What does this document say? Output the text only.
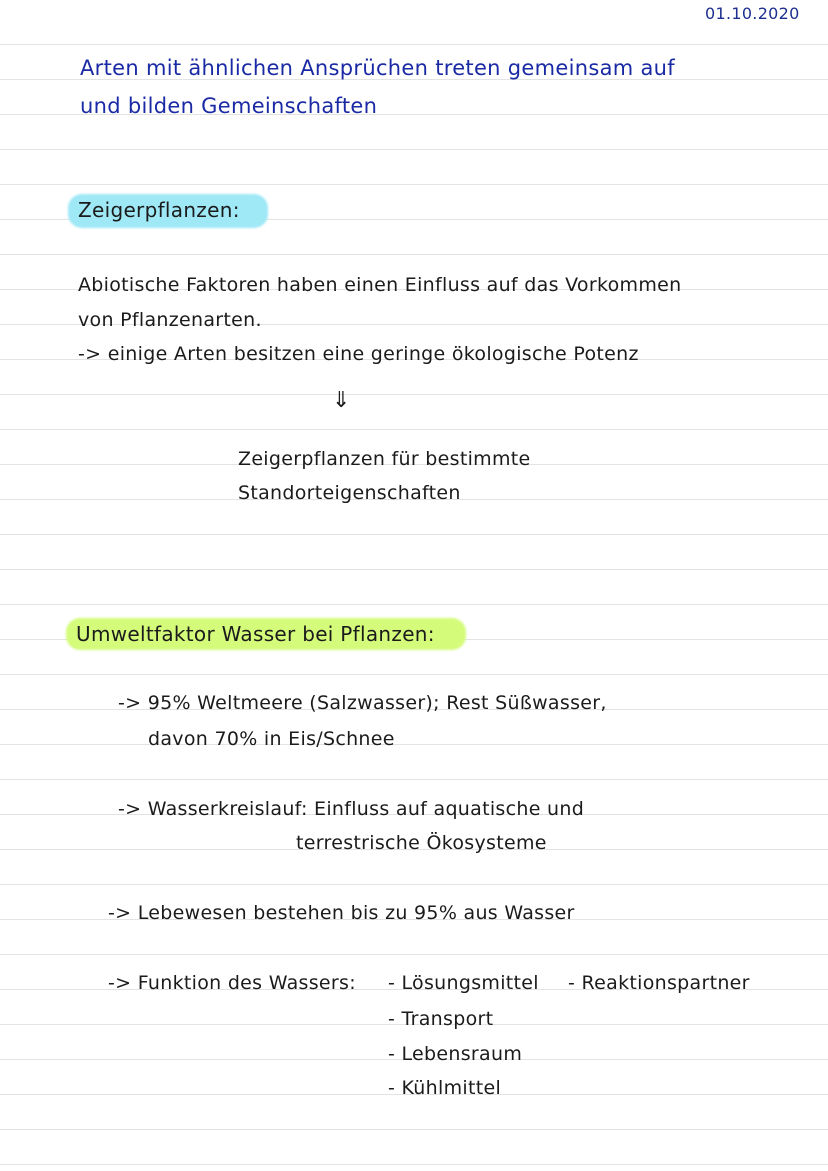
01.10.2020
Arten mit ähnlichen Ansprüchen treten gemeinsam auf
und bilden Gemeinschaften
Zeigerpflanzen:
Abiotische Faktoren haben einen Einfluss auf das Vorkommen
von Pflanzenarten.
-> einige Arten besitzen eine geringe ökologische Potenz
⇓
Zeigerpflanzen für bestimmte
Standorteigenschaften
Umweltfaktor Wasser bei Pflanzen:
-> 95% Weltmeere (Salzwasser); Rest Süßwasser,
davon 70% in Eis/Schnee
-> Wasserkreislauf: Einfluss auf aquatische und
terrestrische Ökosysteme
-> Lebewesen bestehen bis zu 95% aus Wasser
-> Funktion des Wassers: - Lösungsmittel - Reaktionspartner
- Transport
- Lebensraum
- Kühlmittel
